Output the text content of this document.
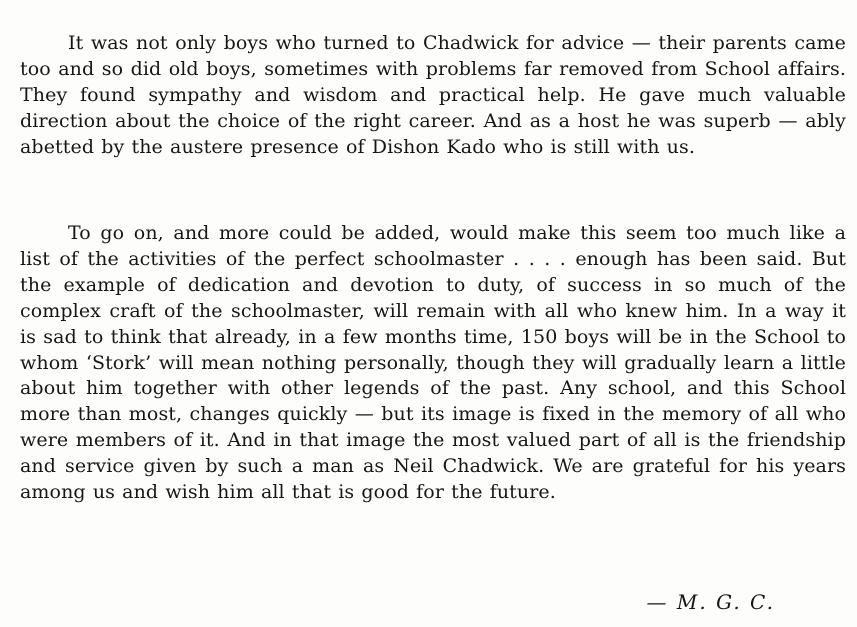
It was not only boys who turned to Chadwick for advice — their parents came too and so did old boys, sometimes with problems far removed from School affairs. They found sympathy and wisdom and practical help. He gave much valuable direction about the choice of the right career. And as a host he was superb — ably abetted by the austere presence of Dishon Kado who is still with us.

To go on, and more could be added, would make this seem too much like a list of the activities of the perfect schoolmaster . . . . enough has been said. But the example of dedication and devotion to duty, of success in so much of the complex craft of the schoolmaster, will remain with all who knew him. In a way it is sad to think that already, in a few months time, 150 boys will be in the School to whom ‘Stork’ will mean nothing personally, though they will gradually learn a little about him together with other legends of the past. Any school, and this School more than most, changes quickly — but its image is fixed in the memory of all who were members of it. And in that image the most valued part of all is the friendship and service given by such a man as Neil Chadwick. We are grateful for his years among us and wish him all that is good for the future.

— M. G. C.
